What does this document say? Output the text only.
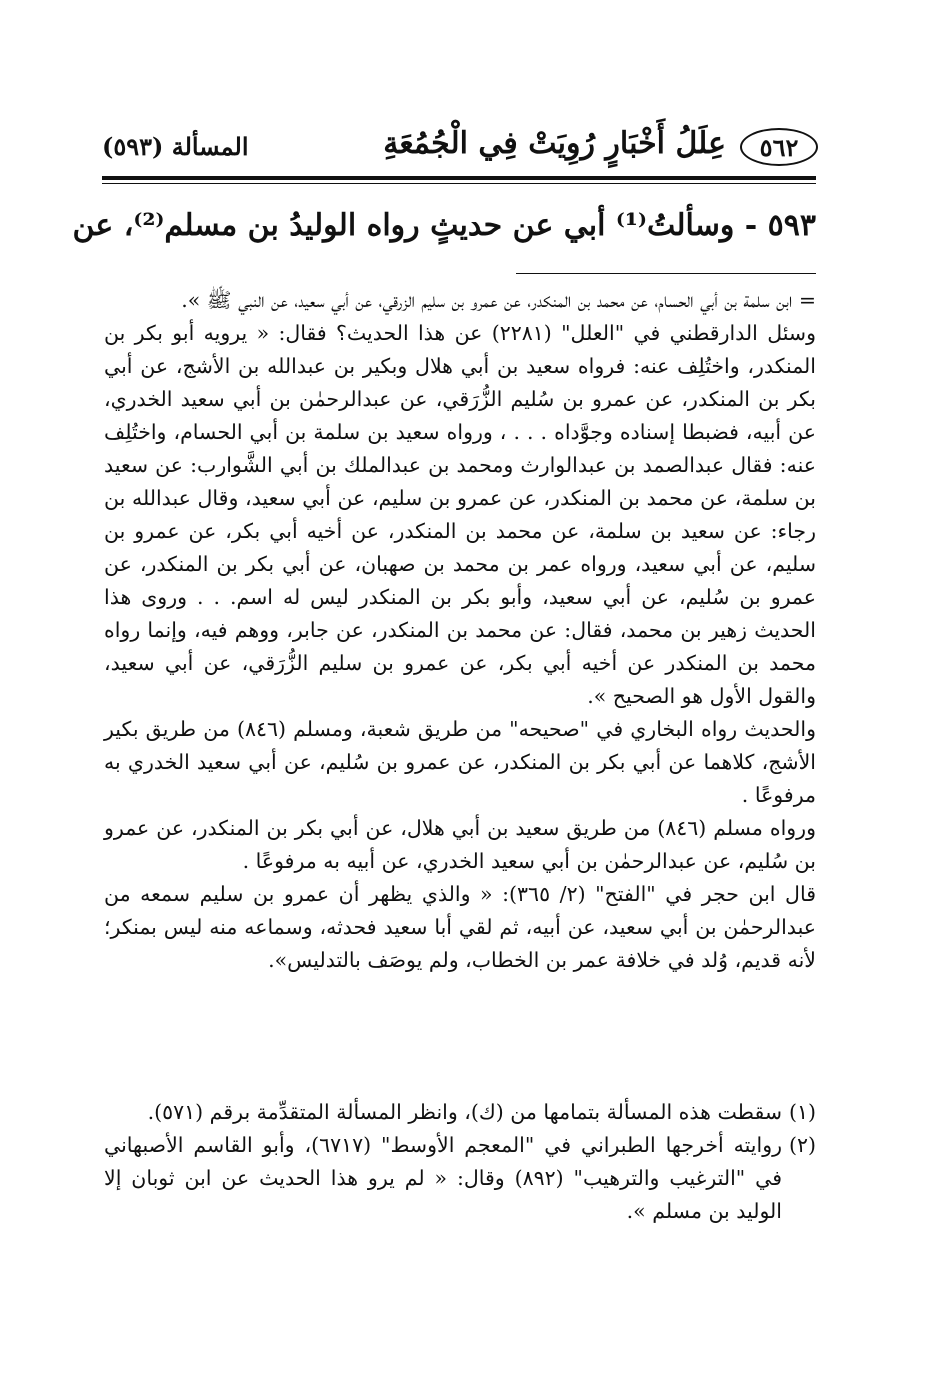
٥٦٢
عِلَلُ أَخْبَارٍ رُوِيَتْ فِي الْجُمُعَةِ
المسألة (٥٩٣)
٥٩٣ - وسألتُ⁽¹⁾ أبي عن حديثٍ رواه الوليدُ بن مسلم⁽²⁾، عن

= ابن سلمة بن أبي الحسام، عن محمد بن المنكدر، عن عمرو بن سليم الزرقي، عن أبي سعيد، عن النبي ﷺ ».

وسئل الدارقطني في "العلل" (٢٢٨١) عن هذا الحديث؟ فقال: « يرويه أبو بكر بن المنكدر، واختُلِف عنه: فرواه سعيد بن أبي هلال وبكير بن عبدالله بن الأشج، عن أبي بكر بن المنكدر، عن عمرو بن سُليم الزُّرَقي، عن عبدالرحمٰن بن أبي سعيد الخدري، عن أبيه، فضبطا إسناده وجوَّداه . . . ، ورواه سعيد بن سلمة بن أبي الحسام، واختُلِف عنه: فقال عبدالصمد بن عبدالوارث ومحمد بن عبدالملك بن أبي الشَّوارب: عن سعيد بن سلمة، عن محمد بن المنكدر، عن عمرو بن سليم، عن أبي سعيد، وقال عبدالله بن رجاء: عن سعيد بن سلمة، عن محمد بن المنكدر، عن أخيه أبي بكر، عن عمرو بن سليم، عن أبي سعيد، ورواه عمر بن محمد بن صهبان، عن أبي بكر بن المنكدر، عن عمرو بن سُليم، عن أبي سعيد، وأبو بكر بن المنكدر ليس له اسم. . . وروى هذا الحديث زهير بن محمد، فقال: عن محمد بن المنكدر، عن جابر، ووهم فيه، وإنما رواه محمد بن المنكدر عن أخيه أبي بكر، عن عمرو بن سليم الزُّرَقي، عن أبي سعيد، والقول الأول هو الصحيح ».

والحديث رواه البخاري في "صحيحه" من طريق شعبة، ومسلم (٨٤٦) من طريق بكير الأشج، كلاهما عن أبي بكر بن المنكدر، عن عمرو بن سُليم، عن أبي سعيد الخدري به مرفوعًا .

ورواه مسلم (٨٤٦) من طريق سعيد بن أبي هلال، عن أبي بكر بن المنكدر، عن عمرو بن سُليم، عن عبدالرحمٰن بن أبي سعيد الخدري، عن أبيه به مرفوعًا .

قال ابن حجر في "الفتح" (٢/ ٣٦٥): « والذي يظهر أن عمرو بن سليم سمعه من عبدالرحمٰن بن أبي سعيد، عن أبيه، ثم لقي أبا سعيد فحدثه، وسماعه منه ليس بمنكر؛ لأنه قديم، وُلد في خلافة عمر بن الخطاب، ولم يوصَف بالتدليس».

(١)
سقطت هذه المسألة بتمامها من (ك)، وانظر المسألة المتقدِّمة برقم (٥٧١).
(٢)
روايته أخرجها الطبراني في "المعجم الأوسط" (٦٧١٧)، وأبو القاسم الأصبهاني في "الترغيب والترهيب" (٨٩٢) وقال: « لم يرو هذا الحديث عن ابن ثوبان إلا الوليد بن مسلم ».
